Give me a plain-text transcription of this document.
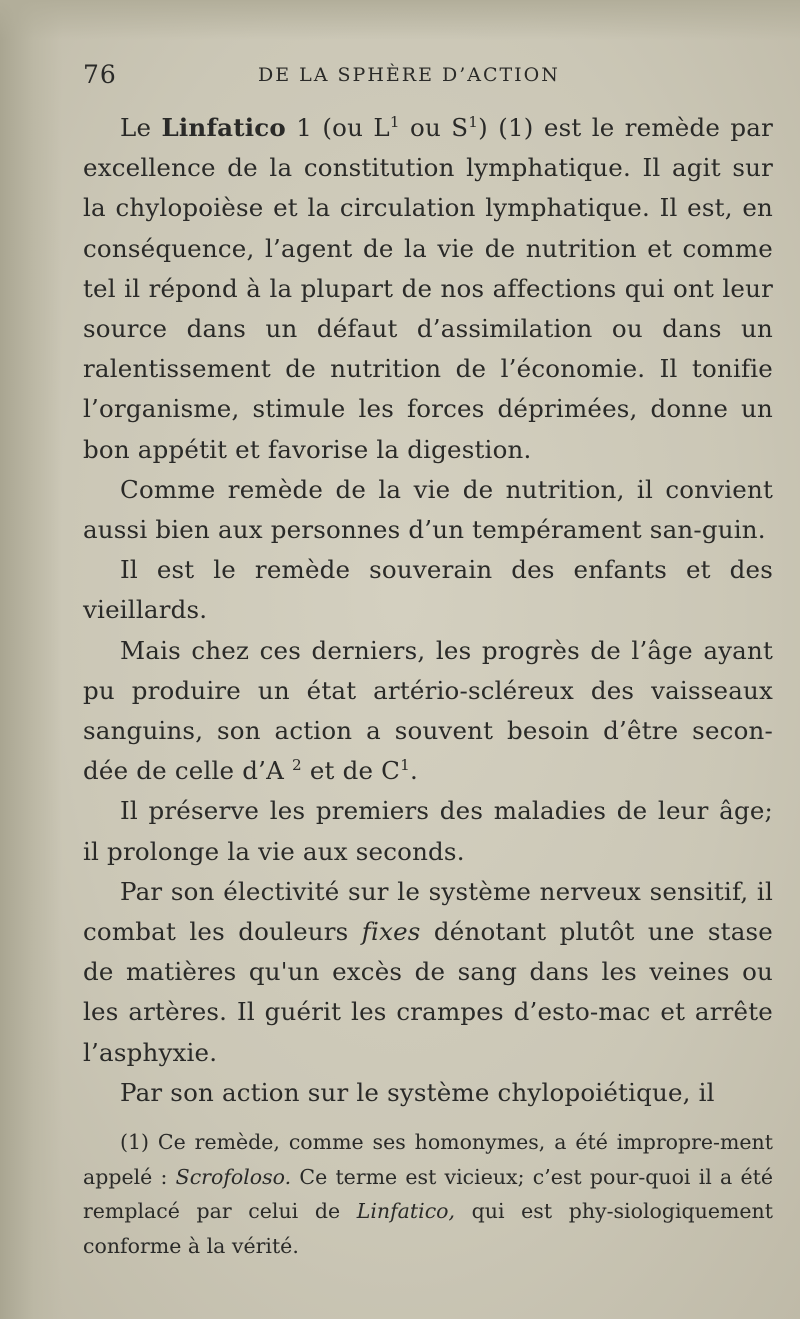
76	DE LA SPHÈRE D’ACTION

Le Linfatico 1 (ou $L^1$ ou $S^1$) (1) est le remède par excellence de la constitution lymphatique. Il agit sur la chylopoièse et la circulation lymphatique. Il est, en conséquence, l’agent de la vie de nutrition et comme tel il répond à la plupart de nos affections qui ont leur source dans un défaut d’assimilation ou dans un ralentissement de nutrition de l’économie. Il tonifie l’organisme, stimule les forces déprimées, donne un bon appétit et favorise la digestion.

Comme remède de la vie de nutrition, il convient aussi bien aux personnes d’un tempérament san-guin.

Il est le remède souverain des enfants et des vieillards.

Mais chez ces derniers, les progrès de l’âge ayant pu produire un état artério-scléreux des vaisseaux sanguins, son action a souvent besoin d’être secon-dée de celle d’A $^2$ et de $C^1$.

Il préserve les premiers des maladies de leur âge; il prolonge la vie aux seconds.

Par son électivité sur le système nerveux sensitif, il combat les douleurs fixes dénotant plutôt une stase de matières qu'un excès de sang dans les veines ou les artères. Il guérit les crampes d’esto-mac et arrête l’asphyxie.

Par son action sur le système chylopoiétique, il

(1) Ce remède, comme ses homonymes, a été impropre-ment appelé : Scrofoloso. Ce terme est vicieux; c’est pour-quoi il a été remplacé par celui de Linfatico, qui est phy-siologiquement conforme à la vérité.
